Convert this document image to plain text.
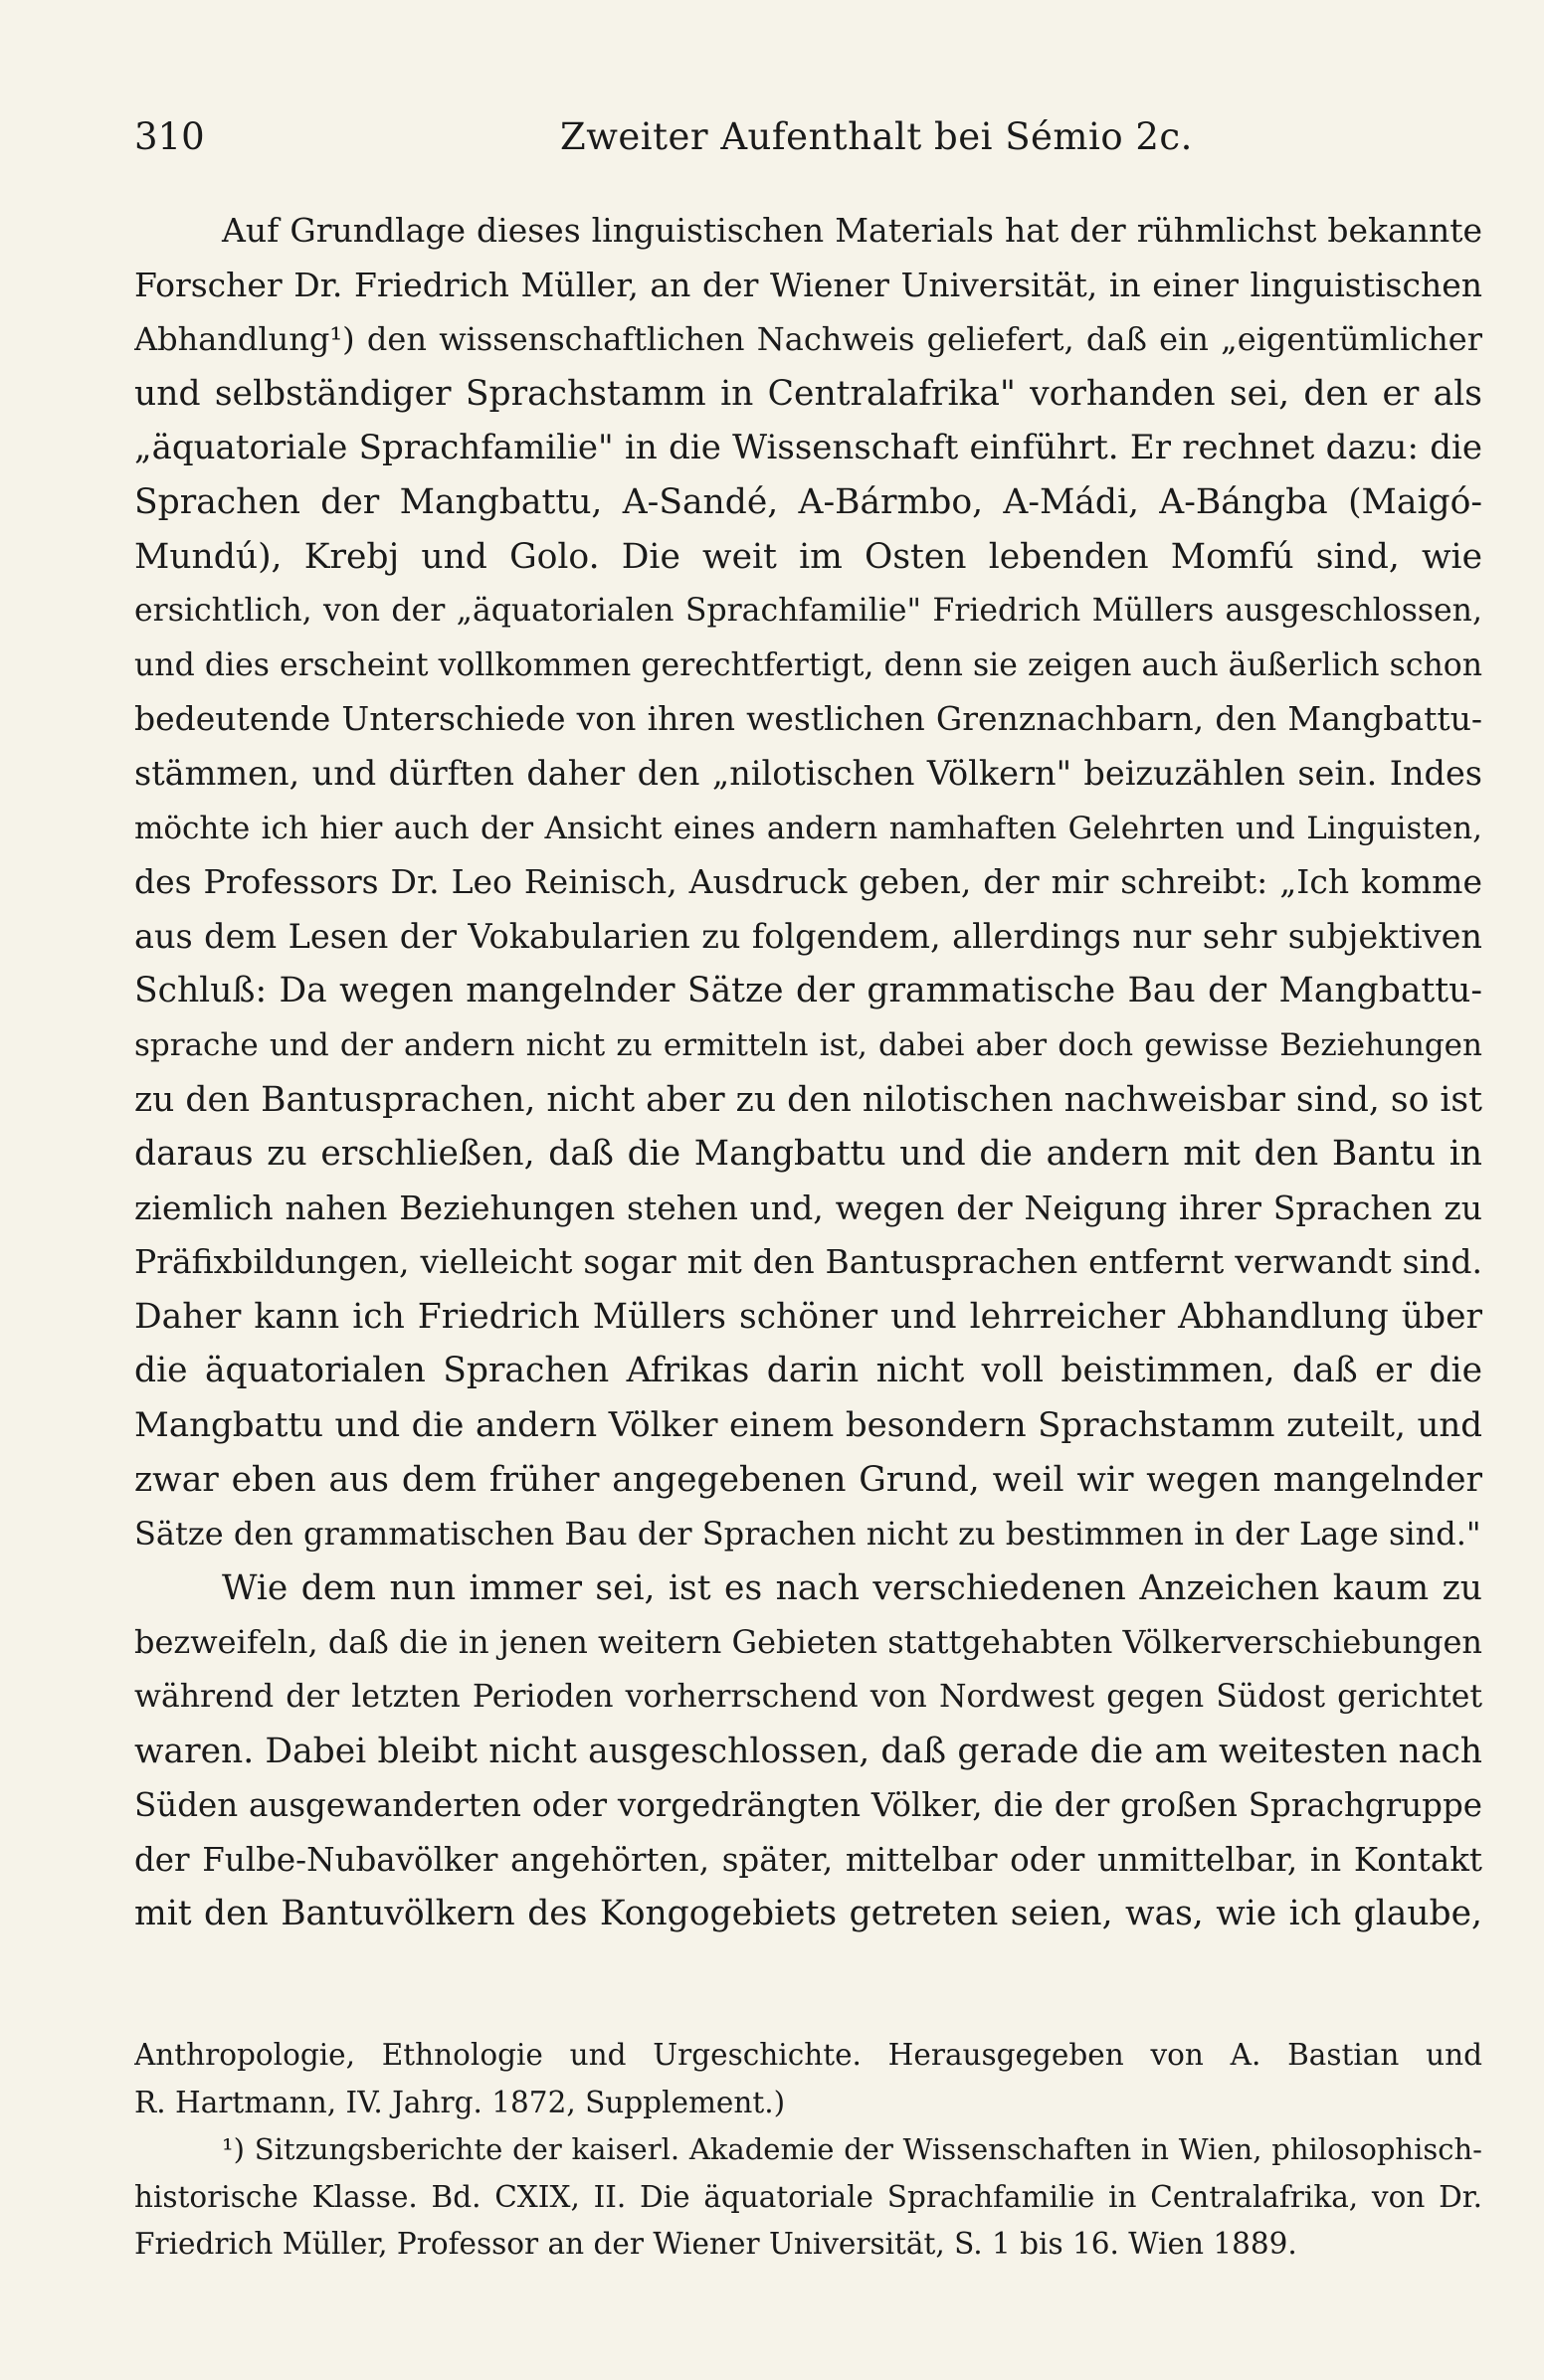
310	Zweiter Aufenthalt bei Sémio 2c.
Auf Grundlage dieses linguistischen Materials hat der rühmlichst bekannte
Forscher Dr. Friedrich Müller, an der Wiener Universität, in einer linguistischen
Abhandlung¹) den wissenschaftlichen Nachweis geliefert, daß ein „eigentümlicher
und selbständiger Sprachstamm in Centralafrika" vorhanden sei, den er als
„äquatoriale Sprachfamilie" in die Wissenschaft einführt. Er rechnet dazu: die
Sprachen der Mangbattu, A-Sandé, A-Bármbo, A-Mádi, A-Bángba (Maigó-
Mundú), Krebj und Golo. Die weit im Osten lebenden Momfú sind, wie
ersichtlich, von der „äquatorialen Sprachfamilie" Friedrich Müllers ausgeschlossen,
und dies erscheint vollkommen gerechtfertigt, denn sie zeigen auch äußerlich schon
bedeutende Unterschiede von ihren westlichen Grenznachbarn, den Mangbattu-
stämmen, und dürften daher den „nilotischen Völkern" beizuzählen sein. Indes
möchte ich hier auch der Ansicht eines andern namhaften Gelehrten und Linguisten,
des Professors Dr. Leo Reinisch, Ausdruck geben, der mir schreibt: „Ich komme
aus dem Lesen der Vokabularien zu folgendem, allerdings nur sehr subjektiven
Schluß: Da wegen mangelnder Sätze der grammatische Bau der Mangbattu-
sprache und der andern nicht zu ermitteln ist, dabei aber doch gewisse Beziehungen
zu den Bantusprachen, nicht aber zu den nilotischen nachweisbar sind, so ist
daraus zu erschließen, daß die Mangbattu und die andern mit den Bantu in
ziemlich nahen Beziehungen stehen und, wegen der Neigung ihrer Sprachen zu
Präfixbildungen, vielleicht sogar mit den Bantusprachen entfernt verwandt sind.
Daher kann ich Friedrich Müllers schöner und lehrreicher Abhandlung über
die äquatorialen Sprachen Afrikas darin nicht voll beistimmen, daß er die
Mangbattu und die andern Völker einem besondern Sprachstamm zuteilt, und
zwar eben aus dem früher angegebenen Grund, weil wir wegen mangelnder
Sätze den grammatischen Bau der Sprachen nicht zu bestimmen in der Lage sind."
Wie dem nun immer sei, ist es nach verschiedenen Anzeichen kaum zu
bezweifeln, daß die in jenen weitern Gebieten stattgehabten Völkerverschiebungen
während der letzten Perioden vorherrschend von Nordwest gegen Südost gerichtet
waren. Dabei bleibt nicht ausgeschlossen, daß gerade die am weitesten nach
Süden ausgewanderten oder vorgedrängten Völker, die der großen Sprachgruppe
der Fulbe-Nubavölker angehörten, später, mittelbar oder unmittelbar, in Kontakt
mit den Bantuvölkern des Kongogebiets getreten seien, was, wie ich glaube,
Anthropologie, Ethnologie und Urgeschichte. Herausgegeben von A. Bastian und
R. Hartmann, IV. Jahrg. 1872, Supplement.)
¹) Sitzungsberichte der kaiserl. Akademie der Wissenschaften in Wien, philosophisch-
historische Klasse. Bd. CXIX, II. Die äquatoriale Sprachfamilie in Centralafrika, von Dr.
Friedrich Müller, Professor an der Wiener Universität, S. 1 bis 16. Wien 1889.
